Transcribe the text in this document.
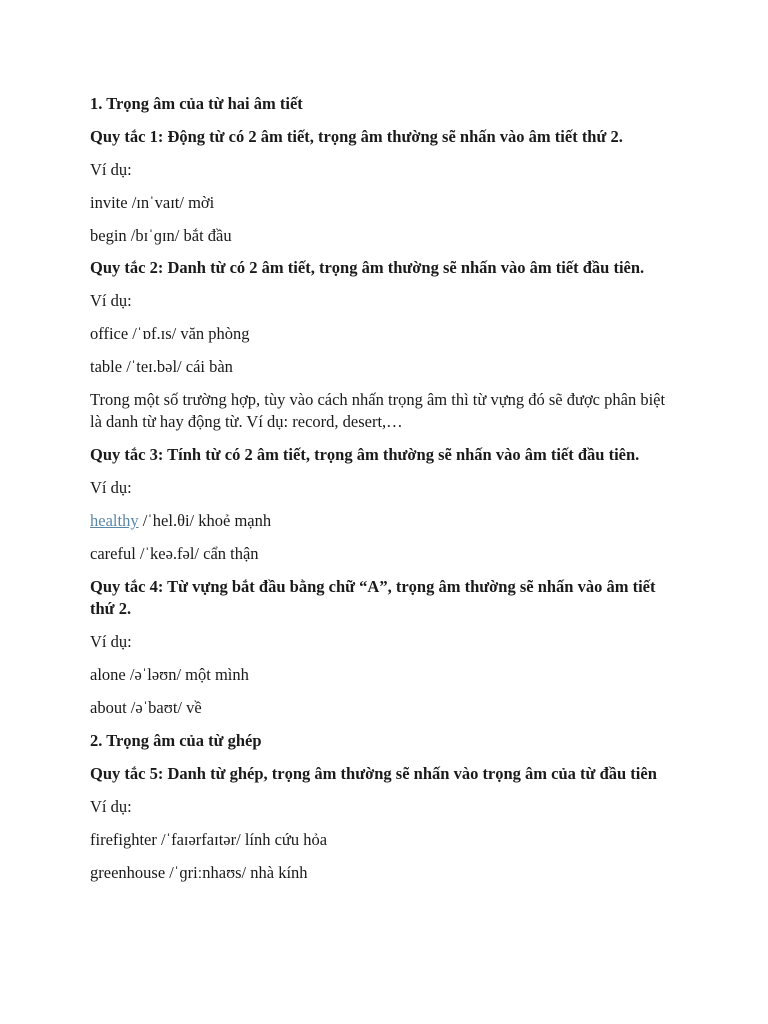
1. Trọng âm của từ hai âm tiết

Quy tắc 1: Động từ có 2 âm tiết, trọng âm thường sẽ nhấn vào âm tiết thứ 2.

Ví dụ:

invite /ɪnˈvaɪt/ mời

begin /bɪˈɡɪn/ bắt đầu

Quy tắc 2: Danh từ có 2 âm tiết, trọng âm thường sẽ nhấn vào âm tiết đầu tiên.

Ví dụ:

office /ˈɒf.ɪs/ văn phòng

table /ˈteɪ.bəl/ cái bàn

Trong một số trường hợp, tùy vào cách nhấn trọng âm thì từ vựng đó sẽ được phân biệt là danh từ hay động từ. Ví dụ: record, desert,…

Quy tắc 3: Tính từ có 2 âm tiết, trọng âm thường sẽ nhấn vào âm tiết đầu tiên.

Ví dụ:

healthy /ˈhel.θi/ khoẻ mạnh

careful /ˈkeə.fəl/ cẩn thận

Quy tắc 4: Từ vựng bắt đầu bằng chữ “A”, trọng âm thường sẽ nhấn vào âm tiết thứ 2.

Ví dụ:

alone /əˈləʊn/ một mình

about /əˈbaʊt/ về

2. Trọng âm của từ ghép

Quy tắc 5: Danh từ ghép, trọng âm thường sẽ nhấn vào trọng âm của từ đầu tiên

Ví dụ:

firefighter /ˈfaɪərfaɪtər/ lính cứu hỏa

greenhouse /ˈɡriːnhaʊs/ nhà kính
